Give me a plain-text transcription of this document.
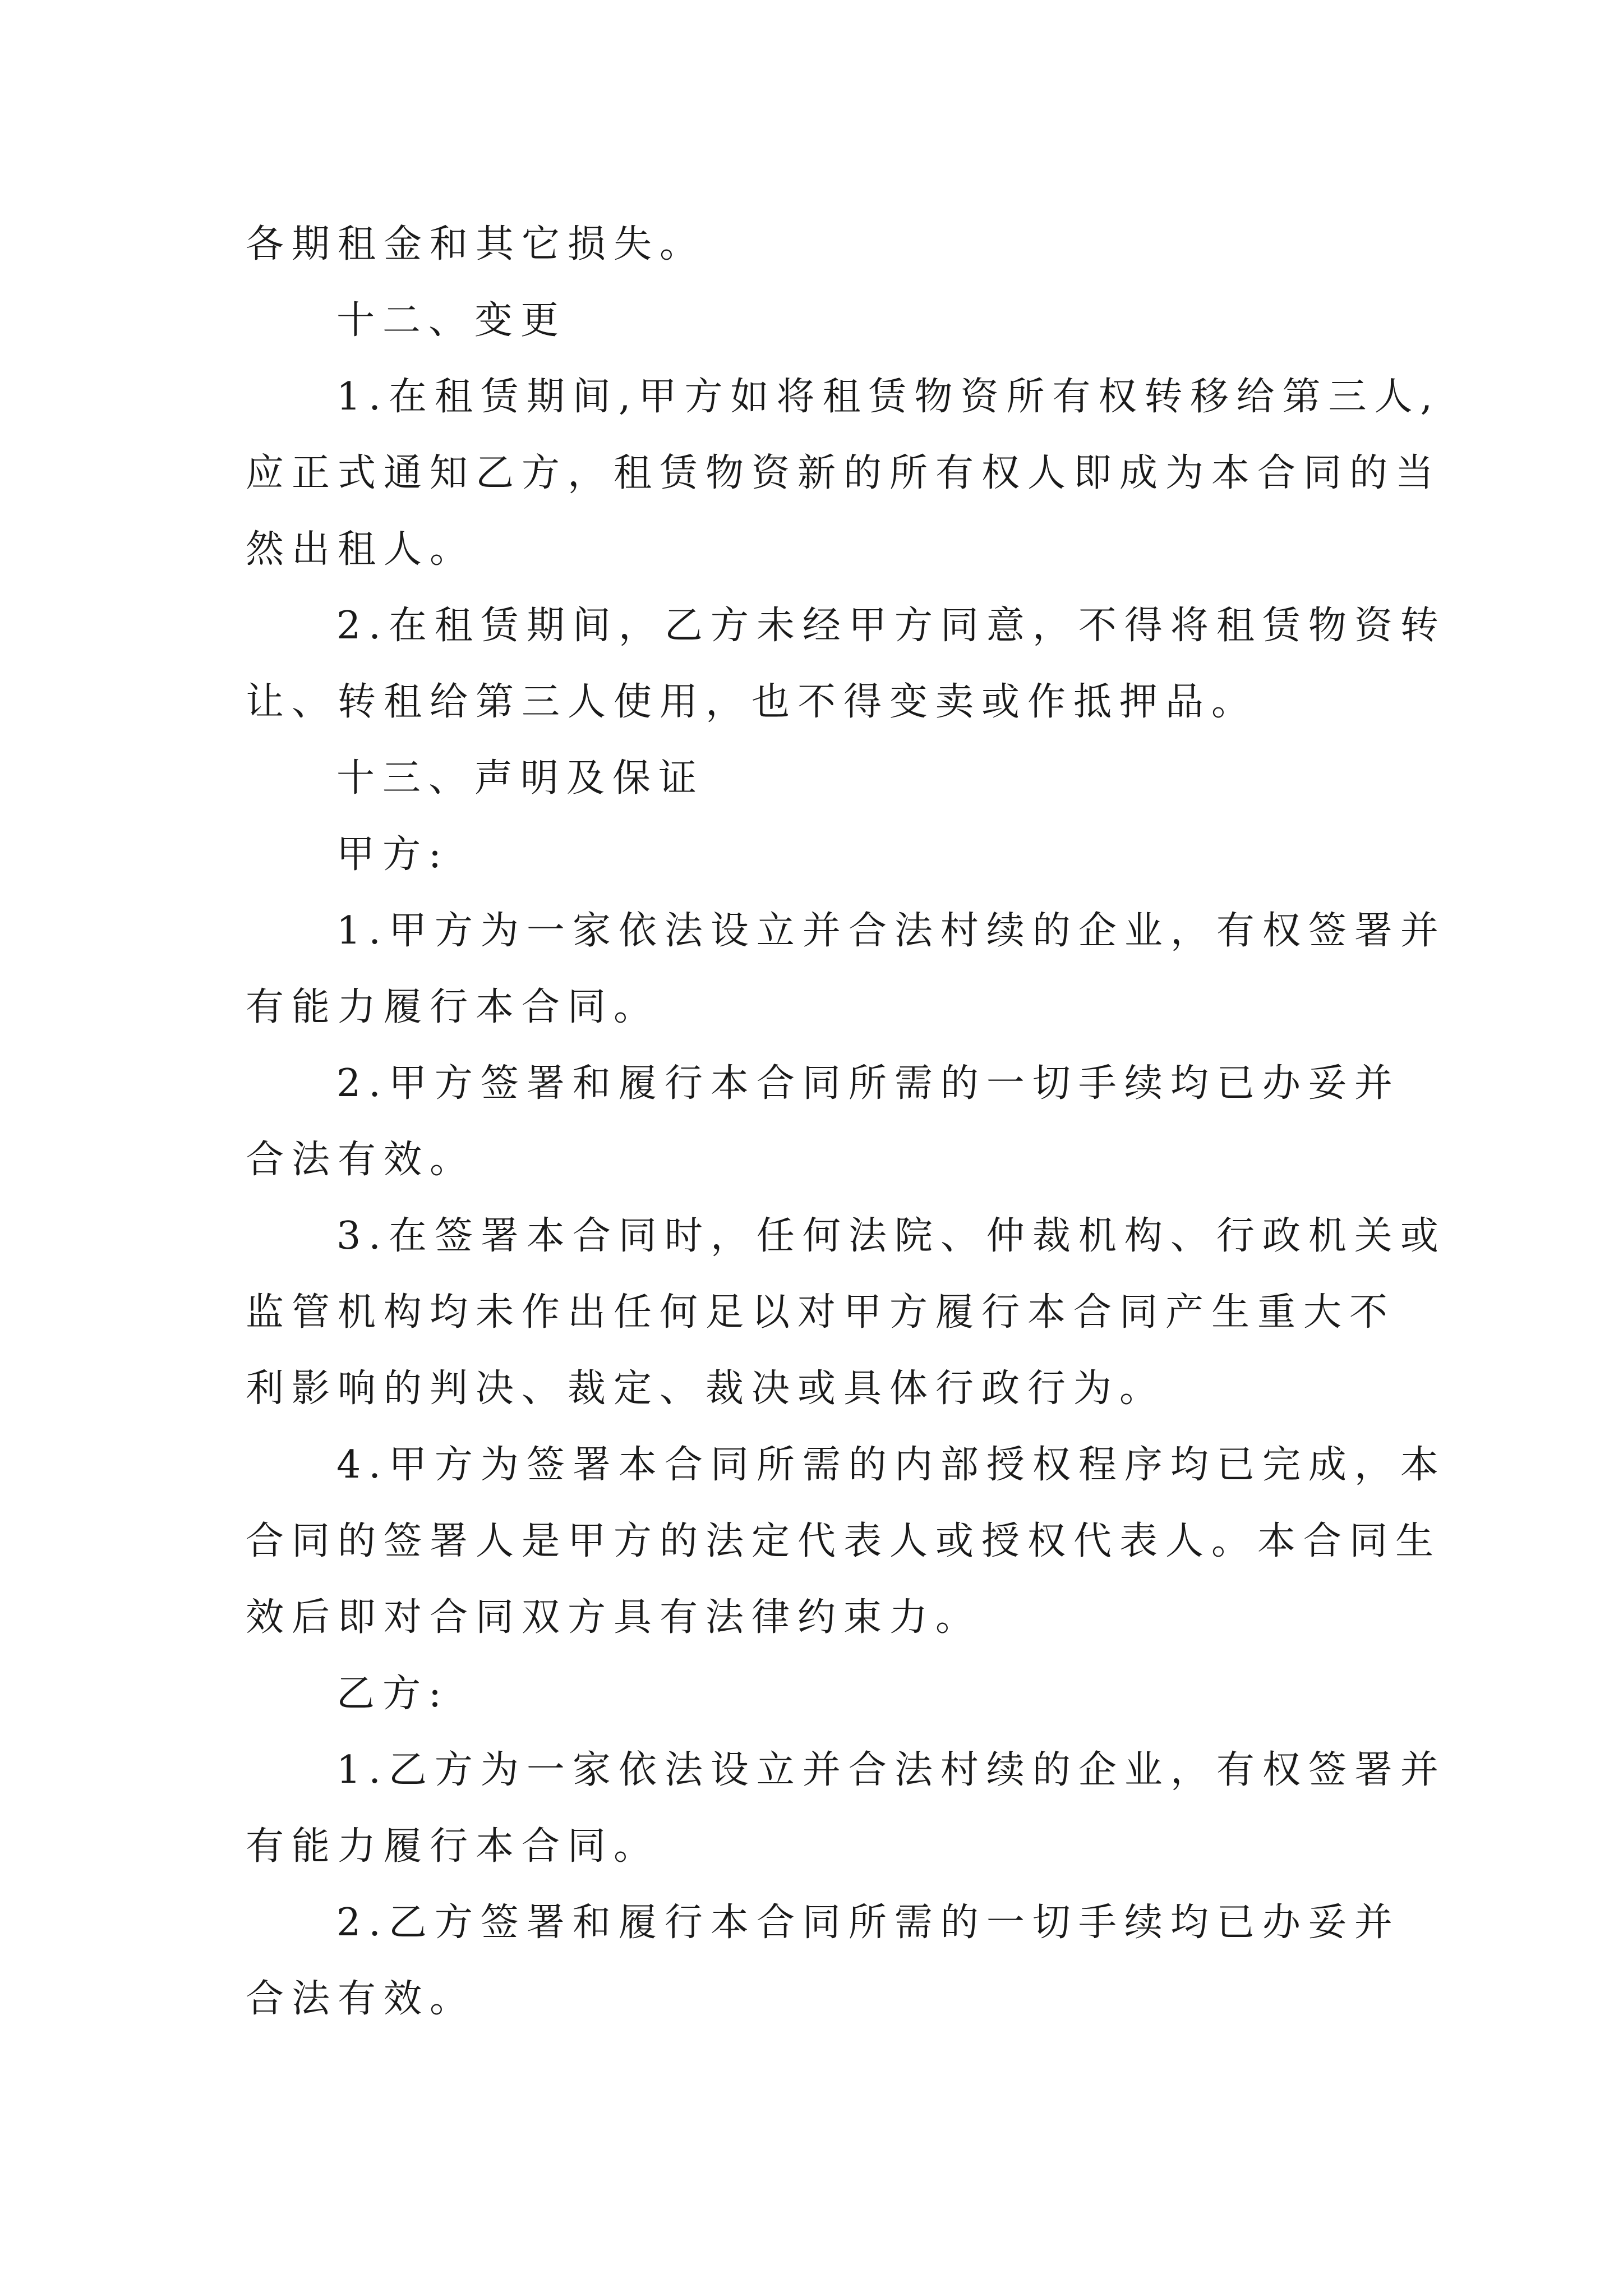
各期租金和其它损失。
十二、变更
1.在租赁期间,甲方如将租赁物资所有权转移给第三人,
应正式通知乙方，租赁物资新的所有权人即成为本合同的当
然出租人。
2.在租赁期间，乙方未经甲方同意，不得将租赁物资转
让、转租给第三人使用，也不得变卖或作抵押品。
十三、声明及保证
甲方:
1.甲方为一家依法设立并合法村续的企业，有权签署并
有能力履行本合同。
2.甲方签署和履行本合同所需的一切手续均已办妥并
合法有效。
3.在签署本合同时，任何法院、仲裁机构、行政机关或
监管机构均未作出任何足以对甲方履行本合同产生重大不
利影响的判决、裁定、裁决或具体行政行为。
4.甲方为签署本合同所需的内部授权程序均已完成，本
合同的签署人是甲方的法定代表人或授权代表人。本合同生
效后即对合同双方具有法律约束力。
乙方:
1.乙方为一家依法设立并合法村续的企业，有权签署并
有能力履行本合同。
2.乙方签署和履行本合同所需的一切手续均已办妥并
合法有效。
